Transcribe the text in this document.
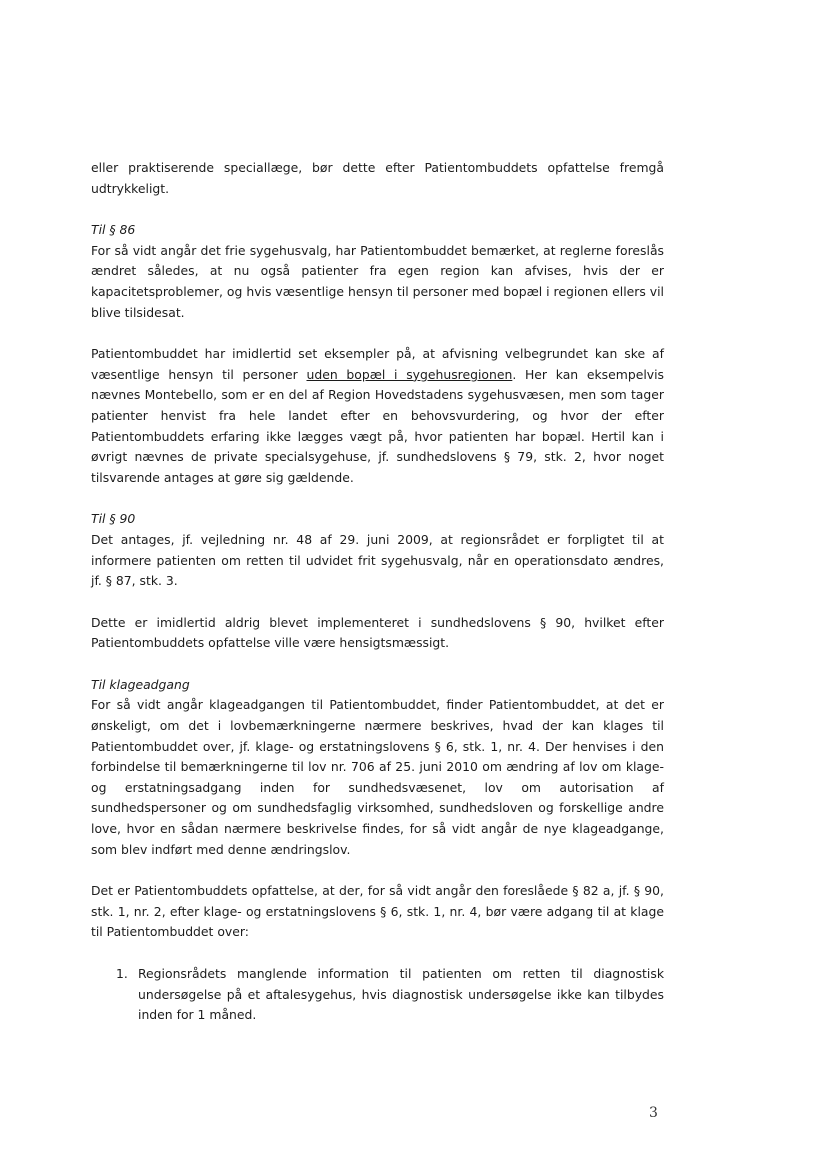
eller praktiserende speciallæge, bør dette efter Patientombuddets opfattelse fremgå udtrykkeligt.

Til § 86

For så vidt angår det frie sygehusvalg, har Patientombuddet bemærket, at reglerne foreslås ændret således, at nu også patienter fra egen region kan afvises, hvis der er kapacitetsproblemer, og hvis væsentlige hensyn til personer med bopæl i regionen ellers vil blive tilsidesat.

Patientombuddet har imidlertid set eksempler på, at afvisning velbegrundet kan ske af væsentlige hensyn til personer uden bopæl i sygehusregionen. Her kan eksempelvis nævnes Montebello, som er en del af Region Hovedstadens sygehusvæsen, men som tager patienter henvist fra hele landet efter en behovsvurdering, og hvor der efter Patientombuddets erfaring ikke lægges vægt på, hvor patienten har bopæl. Hertil kan i øvrigt nævnes de private specialsygehuse, jf. sundhedslovens § 79, stk. 2, hvor noget tilsvarende antages at gøre sig gældende.

Til § 90

Det antages, jf. vejledning nr. 48 af 29. juni 2009, at regionsrådet er forpligtet til at informere patienten om retten til udvidet frit sygehusvalg, når en operationsdato ændres, jf. § 87, stk. 3.

Dette er imidlertid aldrig blevet implementeret i sundhedslovens § 90, hvilket efter Patientombuddets opfattelse ville være hensigtsmæssigt.

Til klageadgang

For så vidt angår klageadgangen til Patientombuddet, finder Patientombuddet, at det er ønskeligt, om det i lovbemærkningerne nærmere beskrives, hvad der kan klages til Patientombuddet over, jf. klage- og erstatningslovens § 6, stk. 1, nr. 4. Der henvises i den forbindelse til bemærkningerne til lov nr. 706 af 25. juni 2010 om ændring af lov om klage- og erstatningsadgang inden for sundhedsvæsenet, lov om autorisation af sundhedspersoner og om sundhedsfaglig virksomhed, sundhedsloven og forskellige andre love, hvor en sådan nærmere beskrivelse findes, for så vidt angår de nye klageadgange, som blev indført med denne ændringslov.

Det er Patientombuddets opfattelse, at der, for så vidt angår den foreslåede § 82 a, jf. § 90, stk. 1, nr. 2, efter klage- og erstatningslovens § 6, stk. 1, nr. 4, bør være adgang til at klage til Patientombuddet over:

1. Regionsrådets manglende information til patienten om retten til diagnostisk undersøgelse på et aftalesygehus, hvis diagnostisk undersøgelse ikke kan tilbydes inden for 1 måned.
3
